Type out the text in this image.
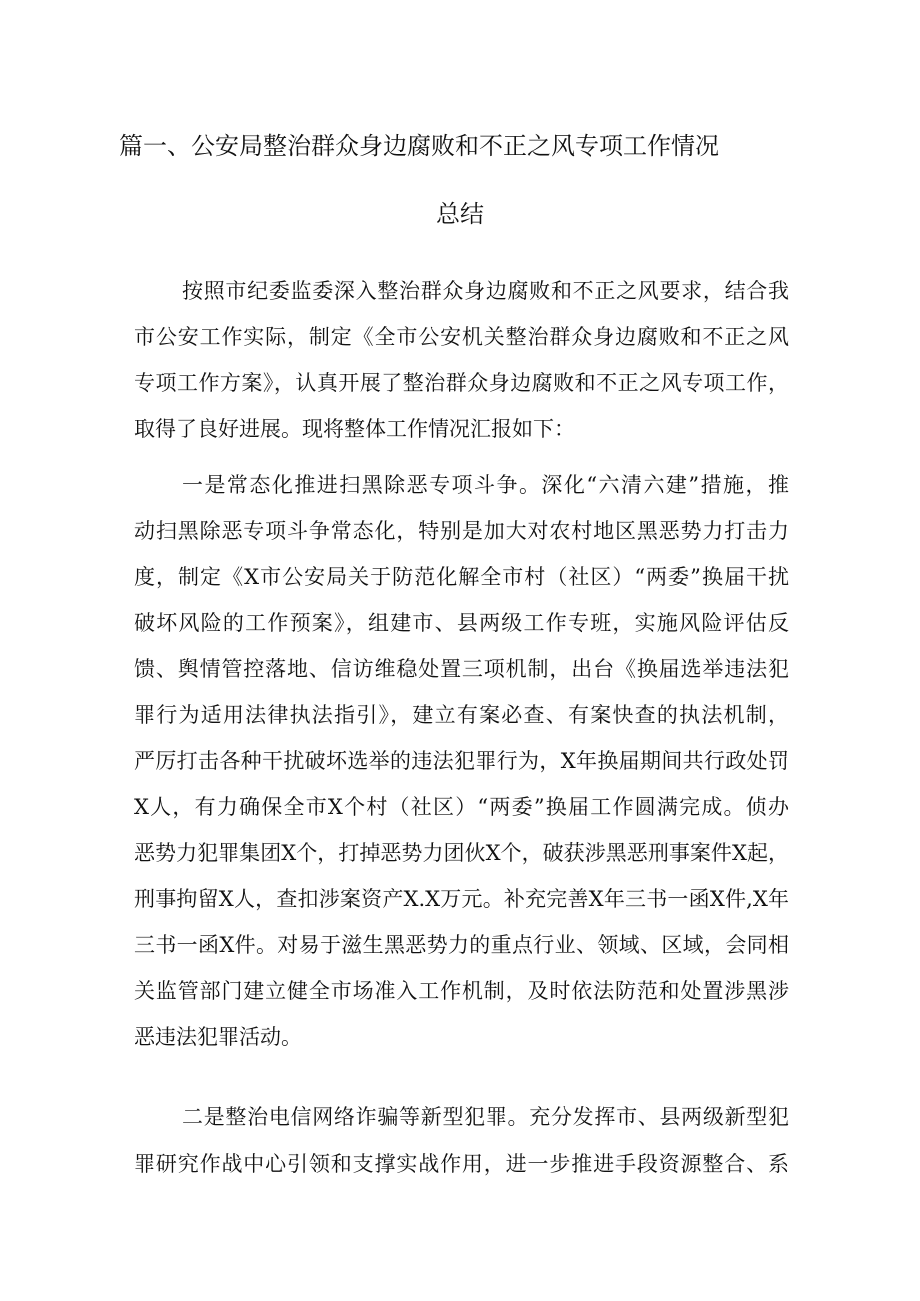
篇一、公安局整治群众身边腐败和不正之风专项工作情况
总结
按照市纪委监委深入整治群众身边腐败和不正之风要求，结合我
市公安工作实际，制定《全市公安机关整治群众身边腐败和不正之风
专项工作方案》，认真开展了整治群众身边腐败和不正之风专项工作，
取得了良好进展。现将整体工作情况汇报如下：
一是常态化推进扫黑除恶专项斗争。深化“六清六建”措施，推
动扫黑除恶专项斗争常态化，特别是加大对农村地区黑恶势力打击力
度，制定《X市公安局关于防范化解全市村（社区）“两委”换届干扰
破坏风险的工作预案》，组建市、县两级工作专班，实施风险评估反
馈、舆情管控落地、信访维稳处置三项机制，出台《换届选举违法犯
罪行为适用法律执法指引》，建立有案必查、有案快查的执法机制，
严厉打击各种干扰破坏选举的违法犯罪行为，X年换届期间共行政处罚
X人，有力确保全市X个村（社区）“两委”换届工作圆满完成。侦办
恶势力犯罪集团X个，打掉恶势力团伙X个，破获涉黑恶刑事案件X起，
刑事拘留X人，查扣涉案资产X.X万元。补充完善X年三书一函X件,X年
三书一函X件。对易于滋生黑恶势力的重点行业、领域、区域，会同相
关监管部门建立健全市场准入工作机制，及时依法防范和处置涉黑涉
恶违法犯罪活动。
二是整治电信网络诈骗等新型犯罪。充分发挥市、县两级新型犯
罪研究作战中心引领和支撑实战作用，进一步推进手段资源整合、系
